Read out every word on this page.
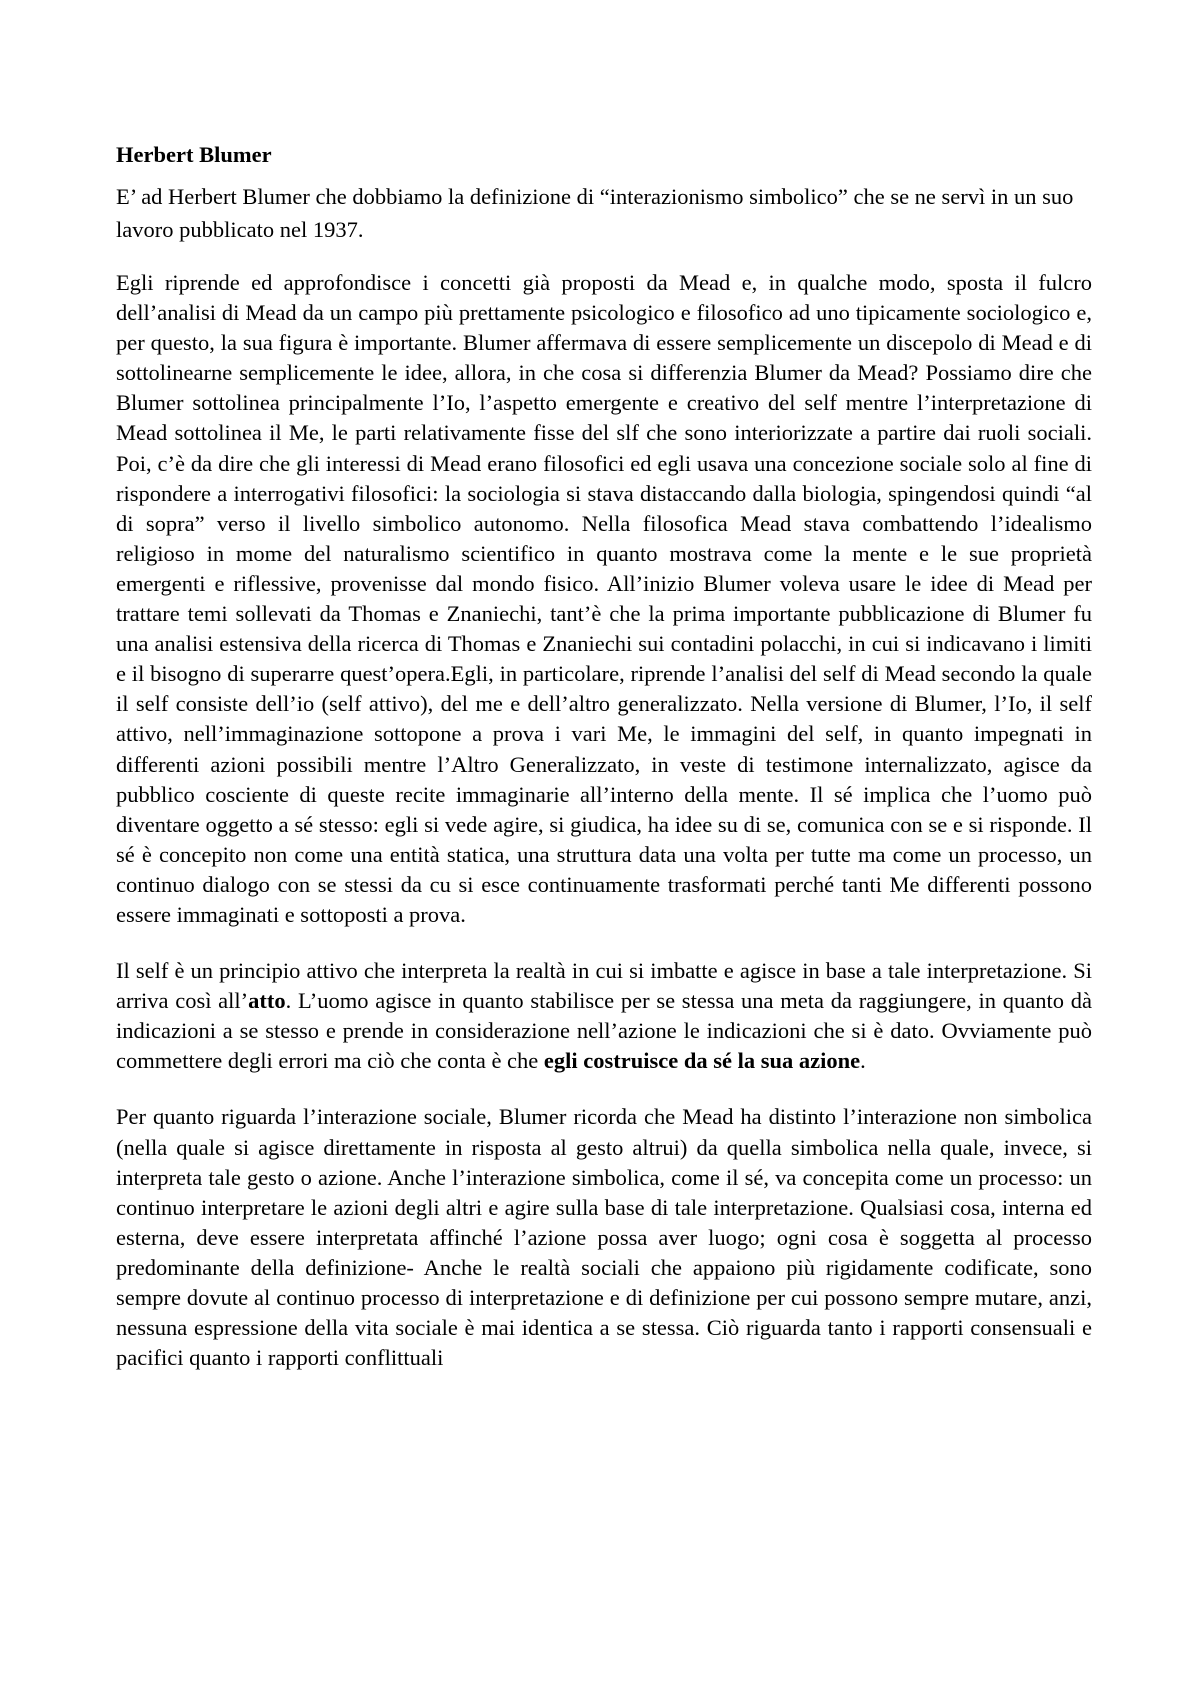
Herbert Blumer
E’ ad Herbert Blumer che dobbiamo la definizione di “interazionismo simbolico” che se ne servì in un suo lavoro pubblicato nel 1937.
Egli riprende ed approfondisce i concetti già proposti da Mead e, in qualche modo, sposta il fulcro dell’analisi di Mead da un campo più prettamente psicologico e filosofico ad uno tipicamente sociologico e, per questo, la sua figura è importante. Blumer affermava di essere semplicemente un discepolo di Mead e di sottolinearne semplicemente le idee, allora, in che cosa si differenzia Blumer da Mead? Possiamo dire che Blumer sottolinea principalmente l’Io, l’aspetto emergente e creativo del self mentre l’interpretazione di Mead sottolinea il Me, le parti relativamente fisse del slf che sono interiorizzate a partire dai ruoli sociali. Poi, c’è da dire che gli interessi di Mead erano filosofici ed egli usava una concezione sociale solo al fine di rispondere a interrogativi filosofici: la sociologia si stava distaccando dalla biologia, spingendosi quindi “al di sopra” verso il livello simbolico autonomo. Nella filosofica Mead stava combattendo l’idealismo religioso in mome del naturalismo scientifico in quanto mostrava come la mente e le sue proprietà emergenti e riflessive, provenisse dal mondo fisico. All’inizio Blumer voleva usare le idee di Mead per trattare temi sollevati da Thomas e Znaniechi, tant’è che la prima importante pubblicazione di Blumer fu una analisi estensiva della ricerca di Thomas e Znaniechi sui contadini polacchi, in cui si indicavano i limiti e il bisogno di superarre quest’opera.Egli, in particolare, riprende l’analisi del self di Mead secondo la quale il self consiste dell’io (self attivo), del me e dell’altro generalizzato. Nella versione di Blumer, l’Io, il self attivo, nell’immaginazione sottopone a prova i vari Me, le immagini del self, in quanto impegnati in differenti azioni possibili mentre l’Altro Generalizzato, in veste di testimone internalizzato, agisce da pubblico cosciente di queste recite immaginarie all’interno della mente. Il sé implica che l’uomo può diventare oggetto a sé stesso: egli si vede agire, si giudica, ha idee su di se, comunica con se e si risponde. Il sé è concepito non come una entità statica, una struttura data una volta per tutte ma come un processo, un continuo dialogo con se stessi da cu si esce continuamente trasformati perché tanti Me differenti possono essere immaginati e sottoposti a prova.
Il self è un principio attivo che interpreta la realtà in cui si imbatte e agisce in base a tale interpretazione. Si arriva così all’atto. L’uomo agisce in quanto stabilisce per se stessa una meta da raggiungere, in quanto dà indicazioni a se stesso e prende in considerazione nell’azione le indicazioni che si è dato. Ovviamente può commettere degli errori ma ciò che conta è che egli costruisce da sé la sua azione.
Per quanto riguarda l’interazione sociale, Blumer ricorda che Mead ha distinto l’interazione non simbolica (nella quale si agisce direttamente in risposta al gesto altrui) da quella simbolica nella quale, invece, si interpreta tale gesto o azione. Anche l’interazione simbolica, come il sé, va concepita come un processo: un continuo interpretare le azioni degli altri e agire sulla base di tale interpretazione. Qualsiasi cosa, interna ed esterna, deve essere interpretata affinché l’azione possa aver luogo; ogni cosa è soggetta al processo predominante della definizione- Anche le realtà sociali che appaiono più rigidamente codificate, sono sempre dovute al continuo processo di interpretazione e di definizione per cui possono sempre mutare, anzi, nessuna espressione della vita sociale è mai identica a se stessa. Ciò riguarda tanto i rapporti consensuali e pacifici quanto i rapporti conflittuali
